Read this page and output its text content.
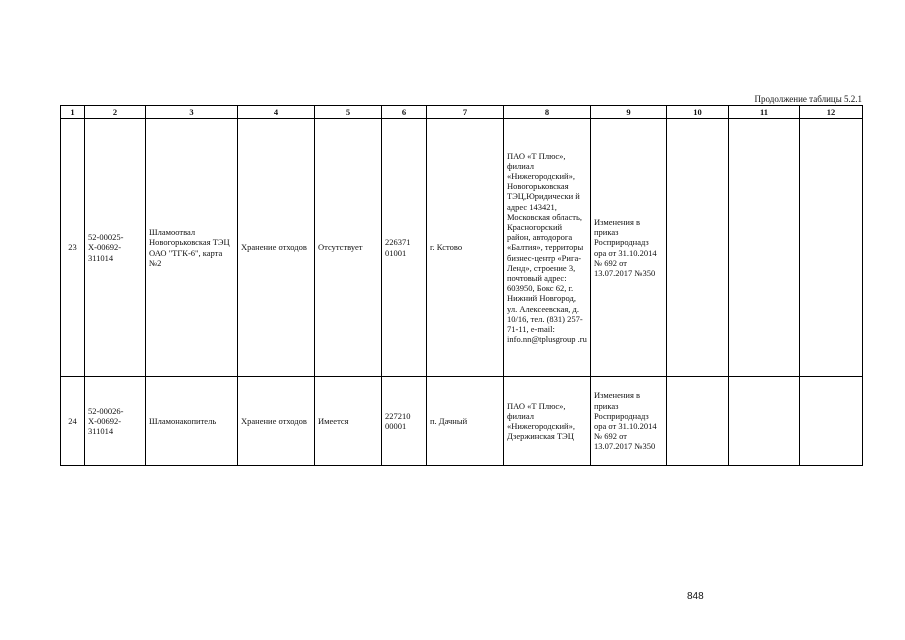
Продолжение таблицы 5.2.1
1	2	3	4	5	6	7	8	9	10	11	12
23	52-00025-Х-00692-311014	Шламоотвал Новогорьковская ТЭЦ ОАО "ТГК-6", карта №2	Хранение отходов	Отсутствует	226371 01001	г. Кстово	ПАО «Т Плюс», филиал «Нижегородский», Новогорьковская ТЭЦ,Юридически й адрес 143421, Московская область, Красногорский район, автодорога «Балтия», территоры бизнес-центр «Рига-Ленд», строение 3, почтовый адрес: 603950, Бокс 62, г. Нижний Новгород, ул. Алексеевская, д. 10/16, тел. (831) 257-71-11, e-mail: info.nn@tplusgroup .ru	Изменения в приказ Росприроднадз ора от 31.10.2014 № 692 от 13.07.2017 №350			
24	52-00026-Х-00692-311014	Шламонакопитель	Хранение отходов	Имеется	227210 00001	п. Дачный	ПАО «Т Плюс», филиал «Нижегородский», Дзержинская ТЭЦ	Изменения в приказ Росприроднадз ора от 31.10.2014 № 692 от 13.07.2017 №350			
848
